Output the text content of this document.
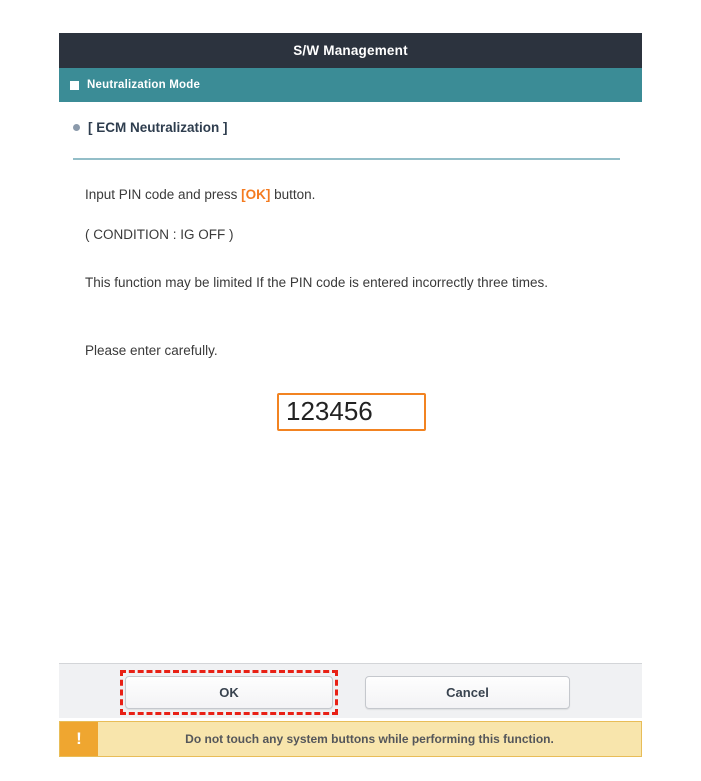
S/W Management
Neutralization Mode
[ ECM Neutralization ]

Input PIN code and press [OK] button.

( CONDITION : IG OFF )

This function may be limited If the PIN code is entered incorrectly three times.

Please enter carefully.

123456
OK	Cancel
!	Do not touch any system buttons while performing this function.
